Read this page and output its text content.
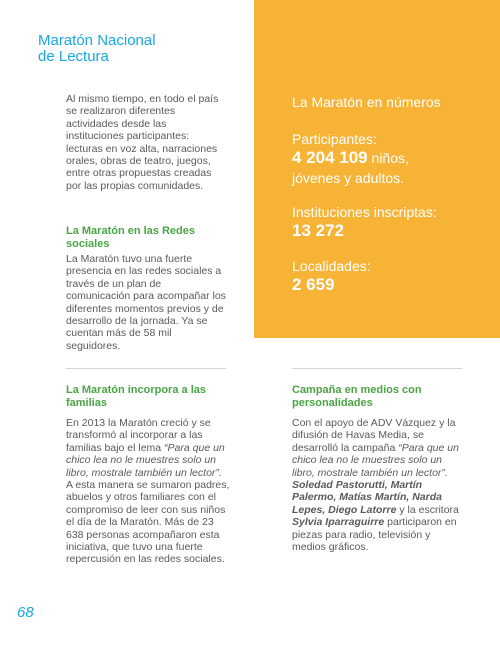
Maratón Nacional
de Lectura

Al mismo tiempo, en todo el país se realizaron diferentes actividades desde las instituciones participantes: lecturas en voz alta, narraciones orales, obras de teatro, juegos, entre otras propuestas creadas por las propias comunidades.

La Maratón en las Redes sociales

La Maratón tuvo una fuerte presencia en las redes sociales a través de un plan de comunicación para acompañar los diferentes momentos previos y de desarrollo de la jornada. Ya se cuentan más de 58 mil seguidores.

La Maratón en números
Participantes:
4 204 109 niños,
jóvenes y adultos.
Instituciones inscriptas:
13 272
Localidades:
2 659
La Maratón incorpora a las familias

En 2013 la Maratón creció y se transformó al incorporar a las familias bajo el lema “Para que un chico lea no le muestres solo un libro, mostrale también un lector”. A esta manera se sumaron padres, abuelos y otros familiares con el compromiso de leer con sus niños el día de la Maratón. Más de 23 638 personas acompañaron esta iniciativa, que tuvo una fuerte repercusión en las redes sociales.

Campaña en medios con personalidades

Con el apoyo de ADV Vázquez y la difusión de Havas Media, se desarrolló la campaña “Para que un chico lea no le muestres solo un libro, mostrale también un lector”. Soledad Pastorutti, Martín Palermo, Matías Martín, Narda Lepes, Diego Latorre y la escritora Sylvia Iparraguirre participaron en piezas para radio, televisión y medios gráficos.

68
